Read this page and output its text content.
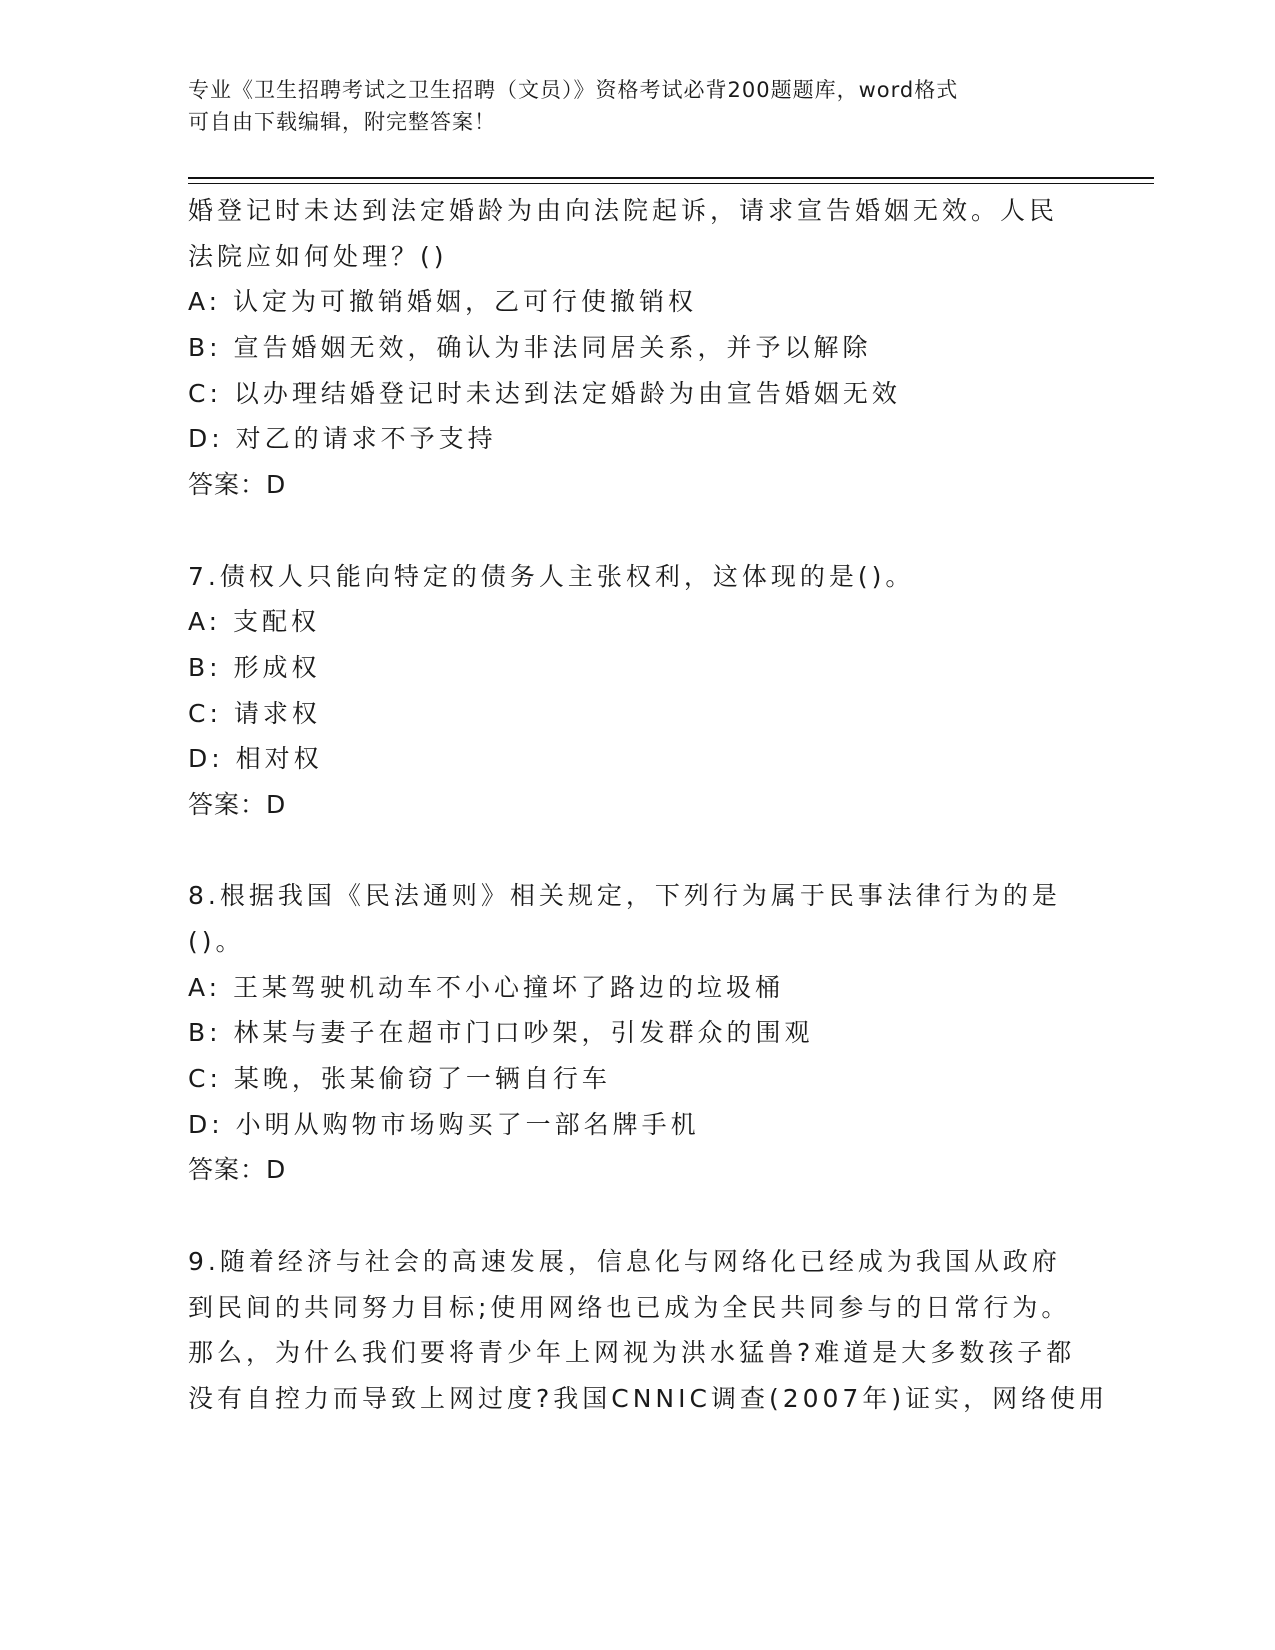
专业《卫生招聘考试之卫生招聘（文员）》资格考试必背200题题库，word格式
可自由下载编辑，附完整答案！
婚登记时未达到法定婚龄为由向法院起诉，请求宣告婚姻无效。人民
法院应如何处理？()
A: 认定为可撤销婚姻，乙可行使撤销权
B: 宣告婚姻无效，确认为非法同居关系，并予以解除
C: 以办理结婚登记时未达到法定婚龄为由宣告婚姻无效
D: 对乙的请求不予支持
答案：D
7.债权人只能向特定的债务人主张权利，这体现的是()。
A: 支配权
B: 形成权
C: 请求权
D: 相对权
答案：D
8.根据我国《民法通则》相关规定，下列行为属于民事法律行为的是
()。
A: 王某驾驶机动车不小心撞坏了路边的垃圾桶
B: 林某与妻子在超市门口吵架，引发群众的围观
C: 某晚，张某偷窃了一辆自行车
D: 小明从购物市场购买了一部名牌手机
答案：D
9.随着经济与社会的高速发展，信息化与网络化已经成为我国从政府
到民间的共同努力目标;使用网络也已成为全民共同参与的日常行为。
那么，为什么我们要将青少年上网视为洪水猛兽?难道是大多数孩子都
没有自控力而导致上网过度?我国CNNIC调查(2007年)证实，网络使用
